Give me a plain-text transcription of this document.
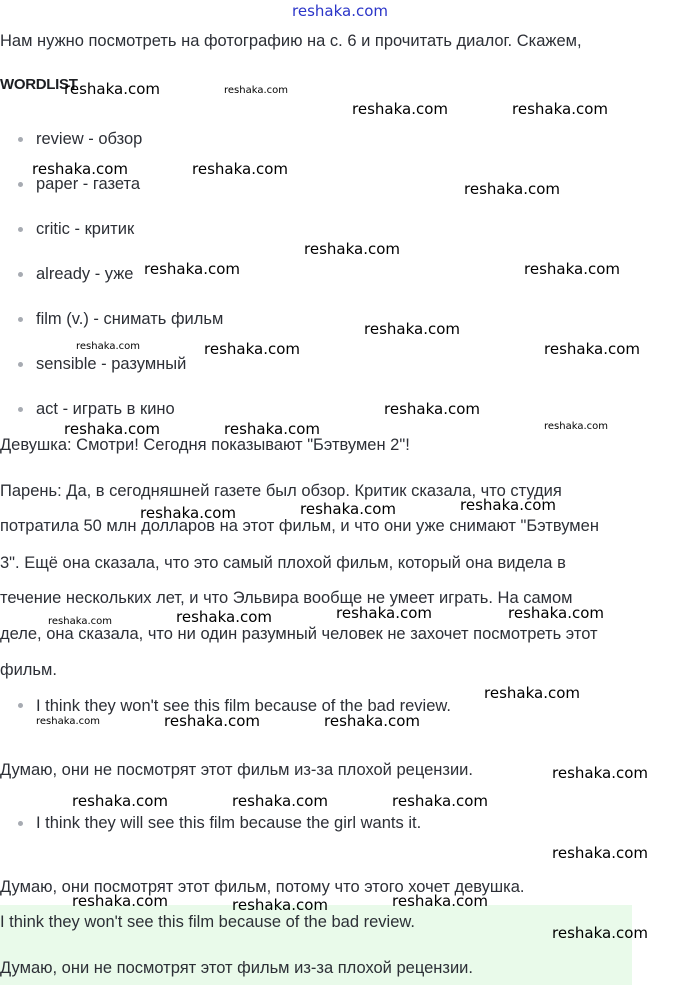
reshaka.com
Нам нужно посмотреть на фотографию на с. 6 и прочитать диалог. Скажем,
WORDLIST
review - обзор
paper - газета
critic - критик
already - уже
film (v.) - снимать фильм
sensible - разумный
act - играть в кино
Девушка: Смотри! Сегодня показывают "Бэтвумен 2"!
Парень: Да, в сегодняшней газете был обзор. Критик сказала, что студия
потратила 50 млн долларов на этот фильм, и что они уже снимают "Бэтвумен
3". Ещё она сказала, что это самый плохой фильм, который она видела в
течение нескольких лет, и что Эльвира вообще не умеет играть. На самом
деле, она сказала, что ни один разумный человек не захочет посмотреть этот
фильм.
I think they won't see this film because of the bad review.
Думаю, они не посмотрят этот фильм из-за плохой рецензии.
I think they will see this film because the girl wants it.
Думаю, они посмотрят этот фильм, потому что этого хочет девушка.
I think they won't see this film because of the bad review.
Думаю, они не посмотрят этот фильм из-за плохой рецензии.
reshaka.com	reshaka.com
reshaka.com	reshaka.com
reshaka.com	reshaka.com
reshaka.com
reshaka.com
reshaka.com	reshaka.com
reshaka.com
reshaka.com	reshaka.com	reshaka.com
reshaka.com
reshaka.com	reshaka.com	reshaka.com
reshaka.com
reshaka.com	reshaka.com
reshaka.com	reshaka.com	reshaka.com
reshaka.com
reshaka.com
reshaka.com	reshaka.com	reshaka.com
reshaka.com
reshaka.com	reshaka.com	reshaka.com
reshaka.com
reshaka.com	reshaka.com	reshaka.com
reshaka.com
